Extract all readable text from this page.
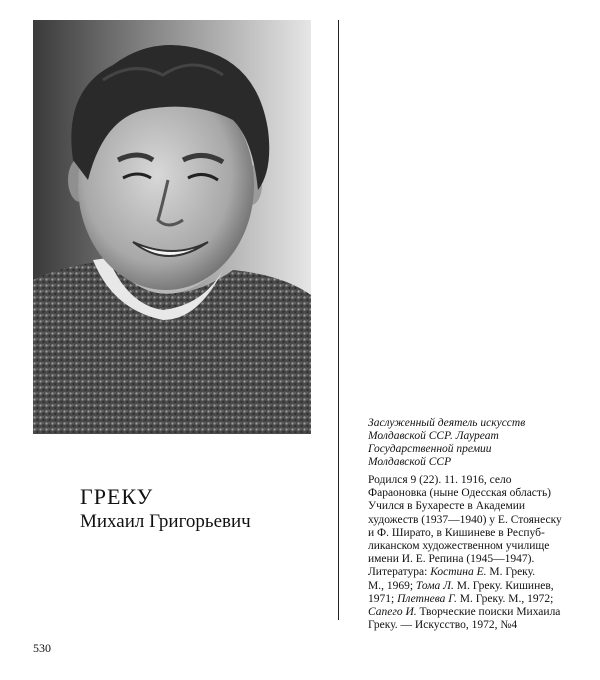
ГРЕКУ
Михаил Григорьевич
Заслуженный деятель искусств
Молдавской ССР. Лауреат
Государственной премии
Молдавской ССР
Родился 9 (22). 11. 1916, село
Фараоновка (ныне Одесская область)
Учился в Бухаресте в Академии
художеств (1937—1940) у Е. Стоянеску
и Ф. Ширато, в Кишиневе в Респуб-
ликанском художественном училище
имени И. Е. Репина (1945—1947).
Литература: Костина Е. М. Греку.
М., 1969; Тома Л. М. Греку. Кишинев,
1971; Плетнева Г. М. Греку. М., 1972;
Сапего И. Творческие поиски Михаила
Греку. — Искусство, 1972, №4
530
